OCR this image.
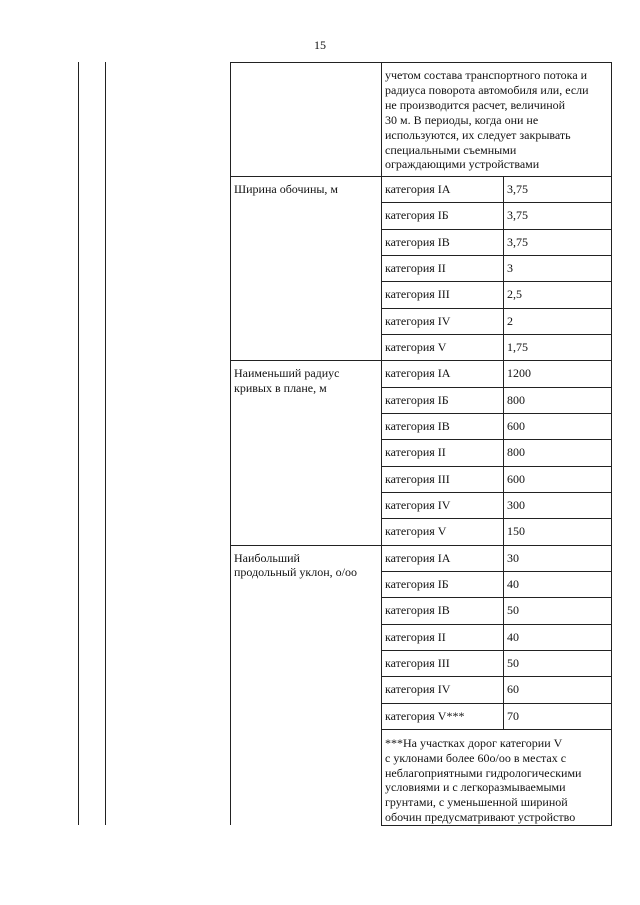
15
учетом состава транспортного потока и
радиуса поворота автомобиля или, если
не производится расчет, величиной
30 м. В периоды, когда они не
используются, их следует закрывать
специальными съемными
ограждающими устройствами
Ширина обочины, м	категория IА	3,75
категория IБ	3,75
категория IВ	3,75
категория II	3
категория III	2,5
категория IV	2
категория V	1,75
Наименьший радиус
кривых в плане, м
категория IА	1200
категория IБ	800
категория IВ	600
категория II	800
категория III	600
категория IV	300
категория V	150
Наибольший
продольный уклон, о/оо
категория IА	30
категория IБ	40
категория IВ	50
категория II	40
категория III	50
категория IV	60
категория V***	70
***На участках дорог категории V
с уклонами более 60о/оо в местах с
неблагоприятными гидрологическими
условиями и с легкоразмываемыми
грунтами, с уменьшенной шириной
обочин предусматривают устройство
